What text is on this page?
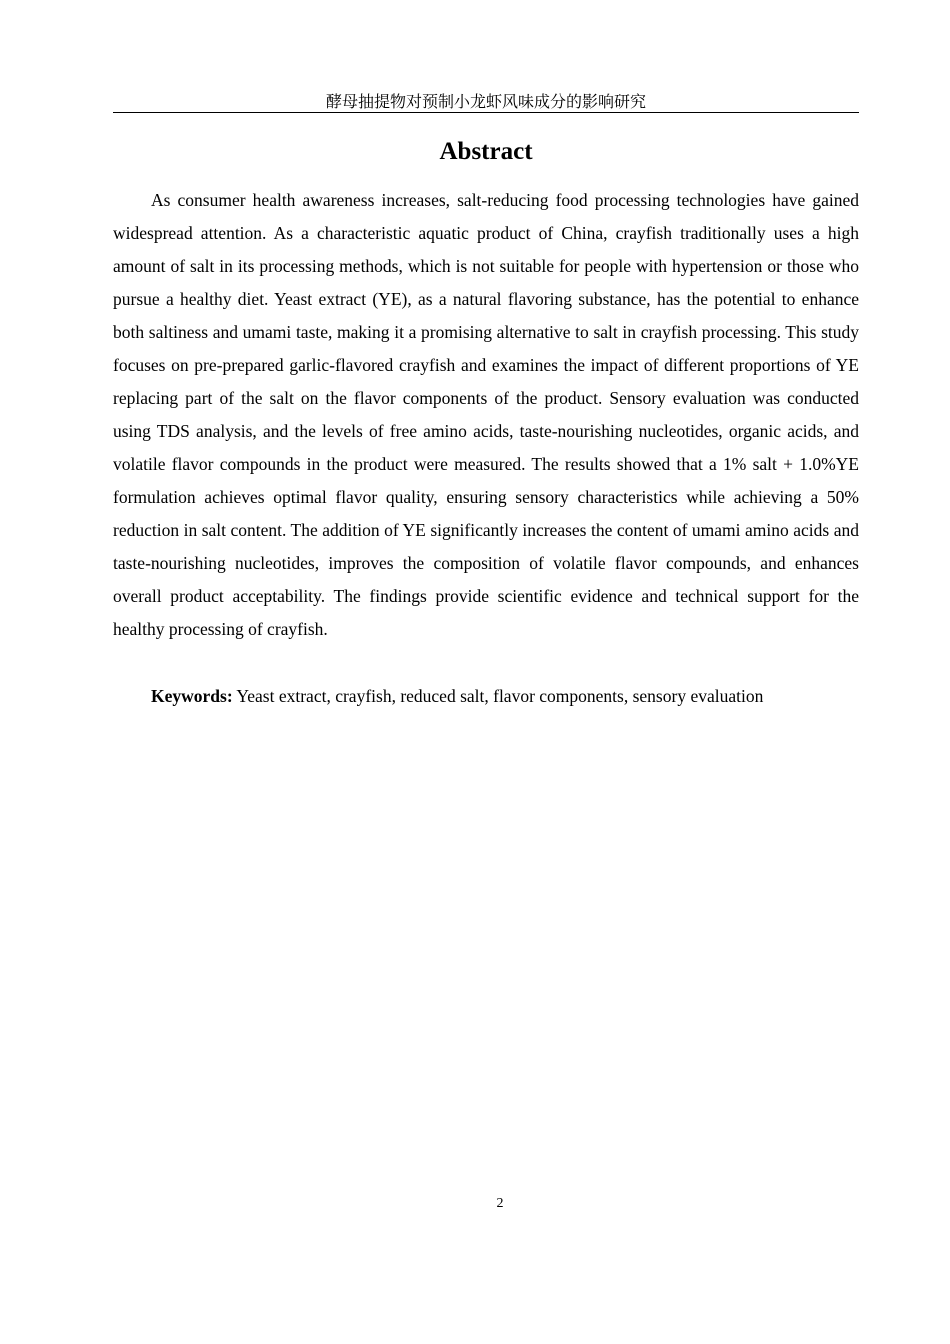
酵母抽提物对预制小龙虾风味成分的影响研究
Abstract

As consumer health awareness increases, salt-reducing food processing technologies have gained widespread attention. As a characteristic aquatic product of China, crayfish traditionally uses a high amount of salt in its processing methods, which is not suitable for people with hypertension or those who pursue a healthy diet. Yeast extract (YE), as a natural flavoring substance, has the potential to enhance both saltiness and umami taste, making it a promising alternative to salt in crayfish processing. This study focuses on pre-prepared garlic-flavored crayfish and examines the impact of different proportions of YE replacing part of the salt on the flavor components of the product. Sensory evaluation was conducted using TDS analysis, and the levels of free amino acids, taste-nourishing nucleotides, organic acids, and volatile flavor compounds in the product were measured. The results showed that a 1% salt + 1.0%YE formulation achieves optimal flavor quality, ensuring sensory characteristics while achieving a 50% reduction in salt content. The addition of YE significantly increases the content of umami amino acids and taste-nourishing nucleotides, improves the composition of volatile flavor compounds, and enhances overall product acceptability. The findings provide scientific evidence and technical support for the healthy processing of crayfish.

Keywords: Yeast extract, crayfish, reduced salt, flavor components, sensory evaluation

2
